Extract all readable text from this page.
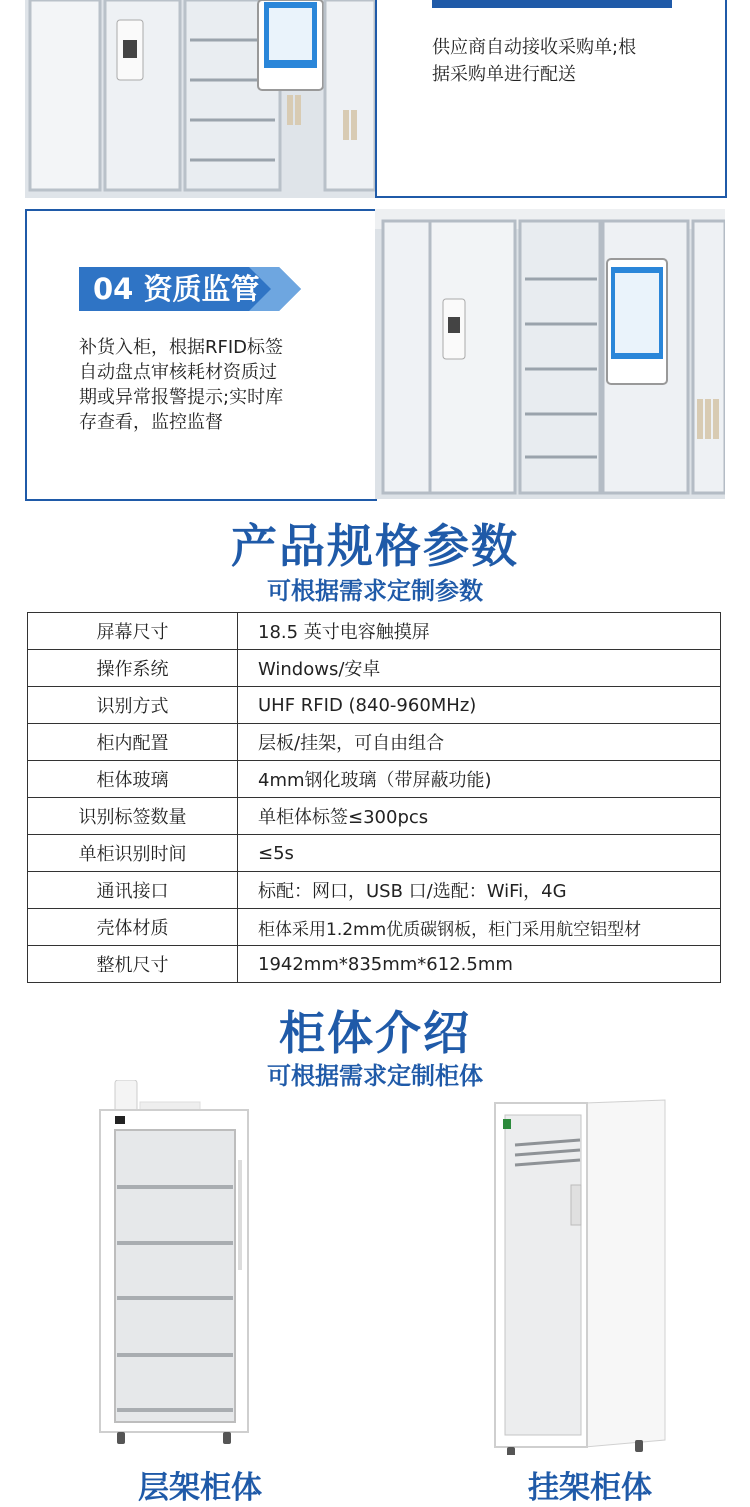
供应商自动接收采购单;根
据采购单进行配送
04 资质监管
补货入柜，根据RFID标签
自动盘点审核耗材资质过
期或异常报警提示;实时库
存查看，监控监督
产品规格参数
可根据需求定制参数
屏幕尺寸	18.5 英寸电容触摸屏
操作系统	Windows/安卓
识别方式	UHF RFID (840-960MHz)
柜内配置	层板/挂架，可自由组合
柜体玻璃	4mm钢化玻璃（带屏蔽功能)
识别标签数量	单柜体标签≤300pcs
单柜识别时间	≤5s
通讯接口	标配：网口，USB 口/选配：WiFi，4G
壳体材质	柜体采用1.2mm优质碳钢板，柜门采用航空铝型材
整机尺寸	1942mm*835mm*612.5mm
柜体介绍
可根据需求定制柜体
层架柜体	挂架柜体
